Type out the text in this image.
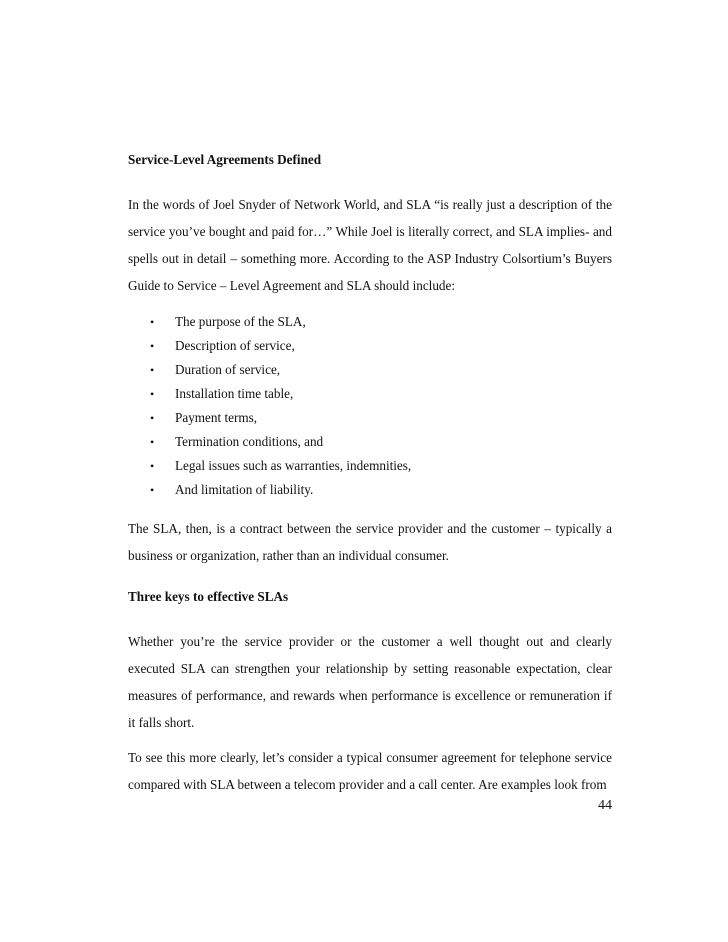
Service-Level Agreements Defined
In the words of Joel Snyder of Network World, and SLA “is really just a description of the service you’ve bought and paid for…” While Joel is literally correct, and SLA implies- and spells out in detail – something more. According to the ASP Industry Colsortium’s Buyers Guide to Service – Level Agreement and SLA should include:
• The purpose of the SLA,
• Description of service,
• Duration of service,
• Installation time table,
• Payment terms,
• Termination conditions, and
• Legal issues such as warranties, indemnities,
• And limitation of liability.
The SLA, then, is a contract between the service provider and the customer – typically a business or organization, rather than an individual consumer.
Three keys to effective SLAs
Whether you’re the service provider or the customer a well thought out and clearly executed SLA can strengthen your relationship by setting reasonable expectation, clear measures of performance, and rewards when performance is excellence or remuneration if it falls short.
To see this more clearly, let’s consider a typical consumer agreement for telephone service compared with SLA between a telecom provider and a call center. Are examples look from
44
